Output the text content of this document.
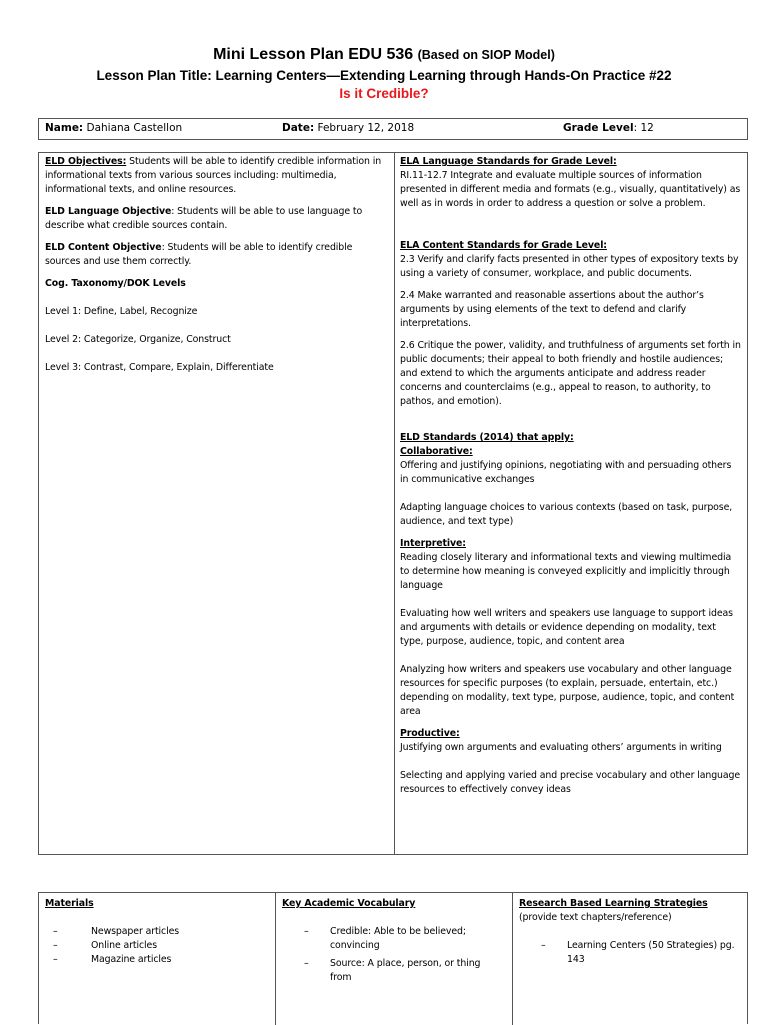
Mini Lesson Plan EDU 536 (Based on SIOP Model)
Lesson Plan Title: Learning Centers—Extending Learning through Hands-On Practice #22
Is it Credible?
Name: Dahiana Castellon	Date: February 12, 2018	Grade Level: 12

ELD Objectives: Students will be able to identify credible information in informational texts from various sources including: multimedia, informational texts, and online resources.

ELD Language Objective: Students will be able to use language to describe what credible sources contain.

ELD Content Objective: Students will be able to identify credible sources and use them correctly.

Cog. Taxonomy/DOK Levels

Level 1: Define, Label, Recognize

Level 2: Categorize, Organize, Construct

Level 3: Contrast, Compare, Explain, Differentiate

ELA Language Standards for Grade Level:

RI.11-12.7 Integrate and evaluate multiple sources of information presented in different media and formats (e.g., visually, quantitatively) as well as in words in order to address a question or solve a problem.

ELA Content Standards for Grade Level:

2.3 Verify and clarify facts presented in other types of expository texts by using a variety of consumer, workplace, and public documents.

2.4 Make warranted and reasonable assertions about the author’s arguments by using elements of the text to defend and clarify interpretations.

2.6 Critique the power, validity, and truthfulness of arguments set forth in public documents; their appeal to both friendly and hostile audiences; and extend to which the arguments anticipate and address reader concerns and counterclaims (e.g., appeal to reason, to authority, to pathos, and emotion).

ELD Standards (2014) that apply:

Collaborative:

Offering and justifying opinions, negotiating with and persuading others in communicative exchanges

Adapting language choices to various contexts (based on task, purpose, audience, and text type)

Interpretive:

Reading closely literary and informational texts and viewing multimedia to determine how meaning is conveyed explicitly and implicitly through language

Evaluating how well writers and speakers use language to support ideas and arguments with details or evidence depending on modality, text type, purpose, audience, topic, and content area

Analyzing how writers and speakers use vocabulary and other language resources for specific purposes (to explain, persuade, entertain, etc.) depending on modality, text type, purpose, audience, topic, and content area

Productive:

Justifying own arguments and evaluating others’ arguments in writing

Selecting and applying varied and precise vocabulary and other language resources to effectively convey ideas

Materials

–	Newspaper articles
–	Online articles
–	Magazine articles

Key Academic Vocabulary

– Credible: Able to be believed; convincing
– Source: A place, person, or thing from

Research Based Learning Strategies (provide text chapters/reference)

– Learning Centers (50 Strategies) pg. 143
